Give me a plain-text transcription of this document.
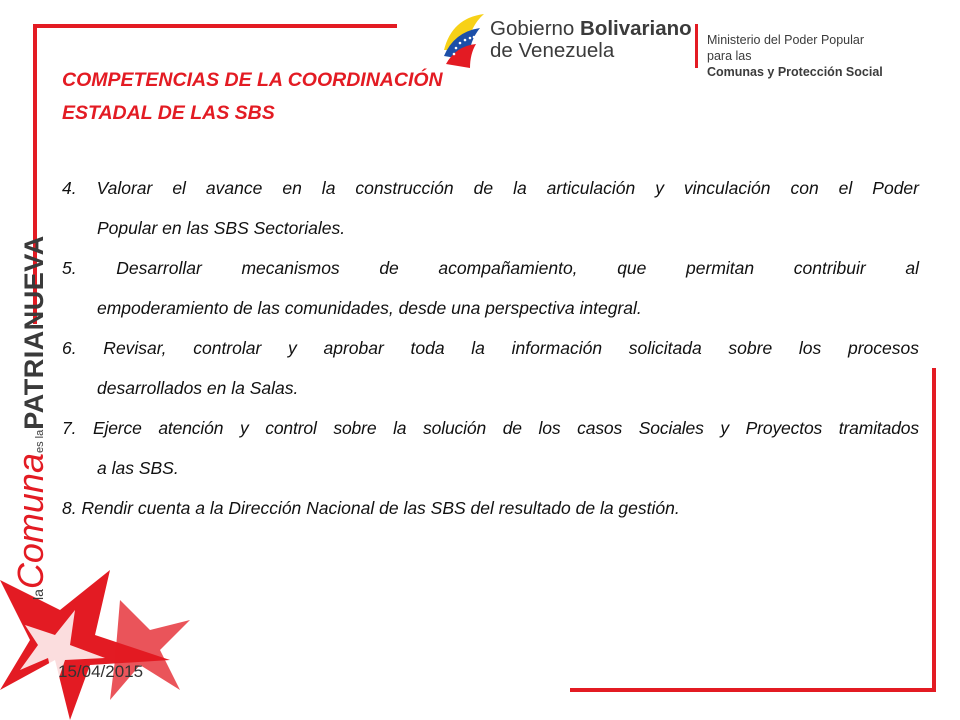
Gobierno Bolivariano
de Venezuela	Ministerio del Poder Popular
para las
Comunas y Protección Social
COMPETENCIAS DE LA COORDINACIÓN
ESTADAL DE LAS SBS
4. Valorar el avance en la construcción de la articulación y vinculación con el Poder
Popular en las SBS Sectoriales.
5. Desarrollar mecanismos de acompañamiento, que permitan contribuir al
empoderamiento de las comunidades, desde una perspectiva integral.
6. Revisar, controlar y aprobar toda la información solicitada sobre los procesos
desarrollados en la Salas.
7. Ejerce atención y control sobre la solución de los casos Sociales y Proyectos tramitados
a las SBS.
8. Rendir cuenta a la Dirección Nacional de las SBS del resultado de la gestión.
laComunaes laPATRIANUEVA
15/04/2015
